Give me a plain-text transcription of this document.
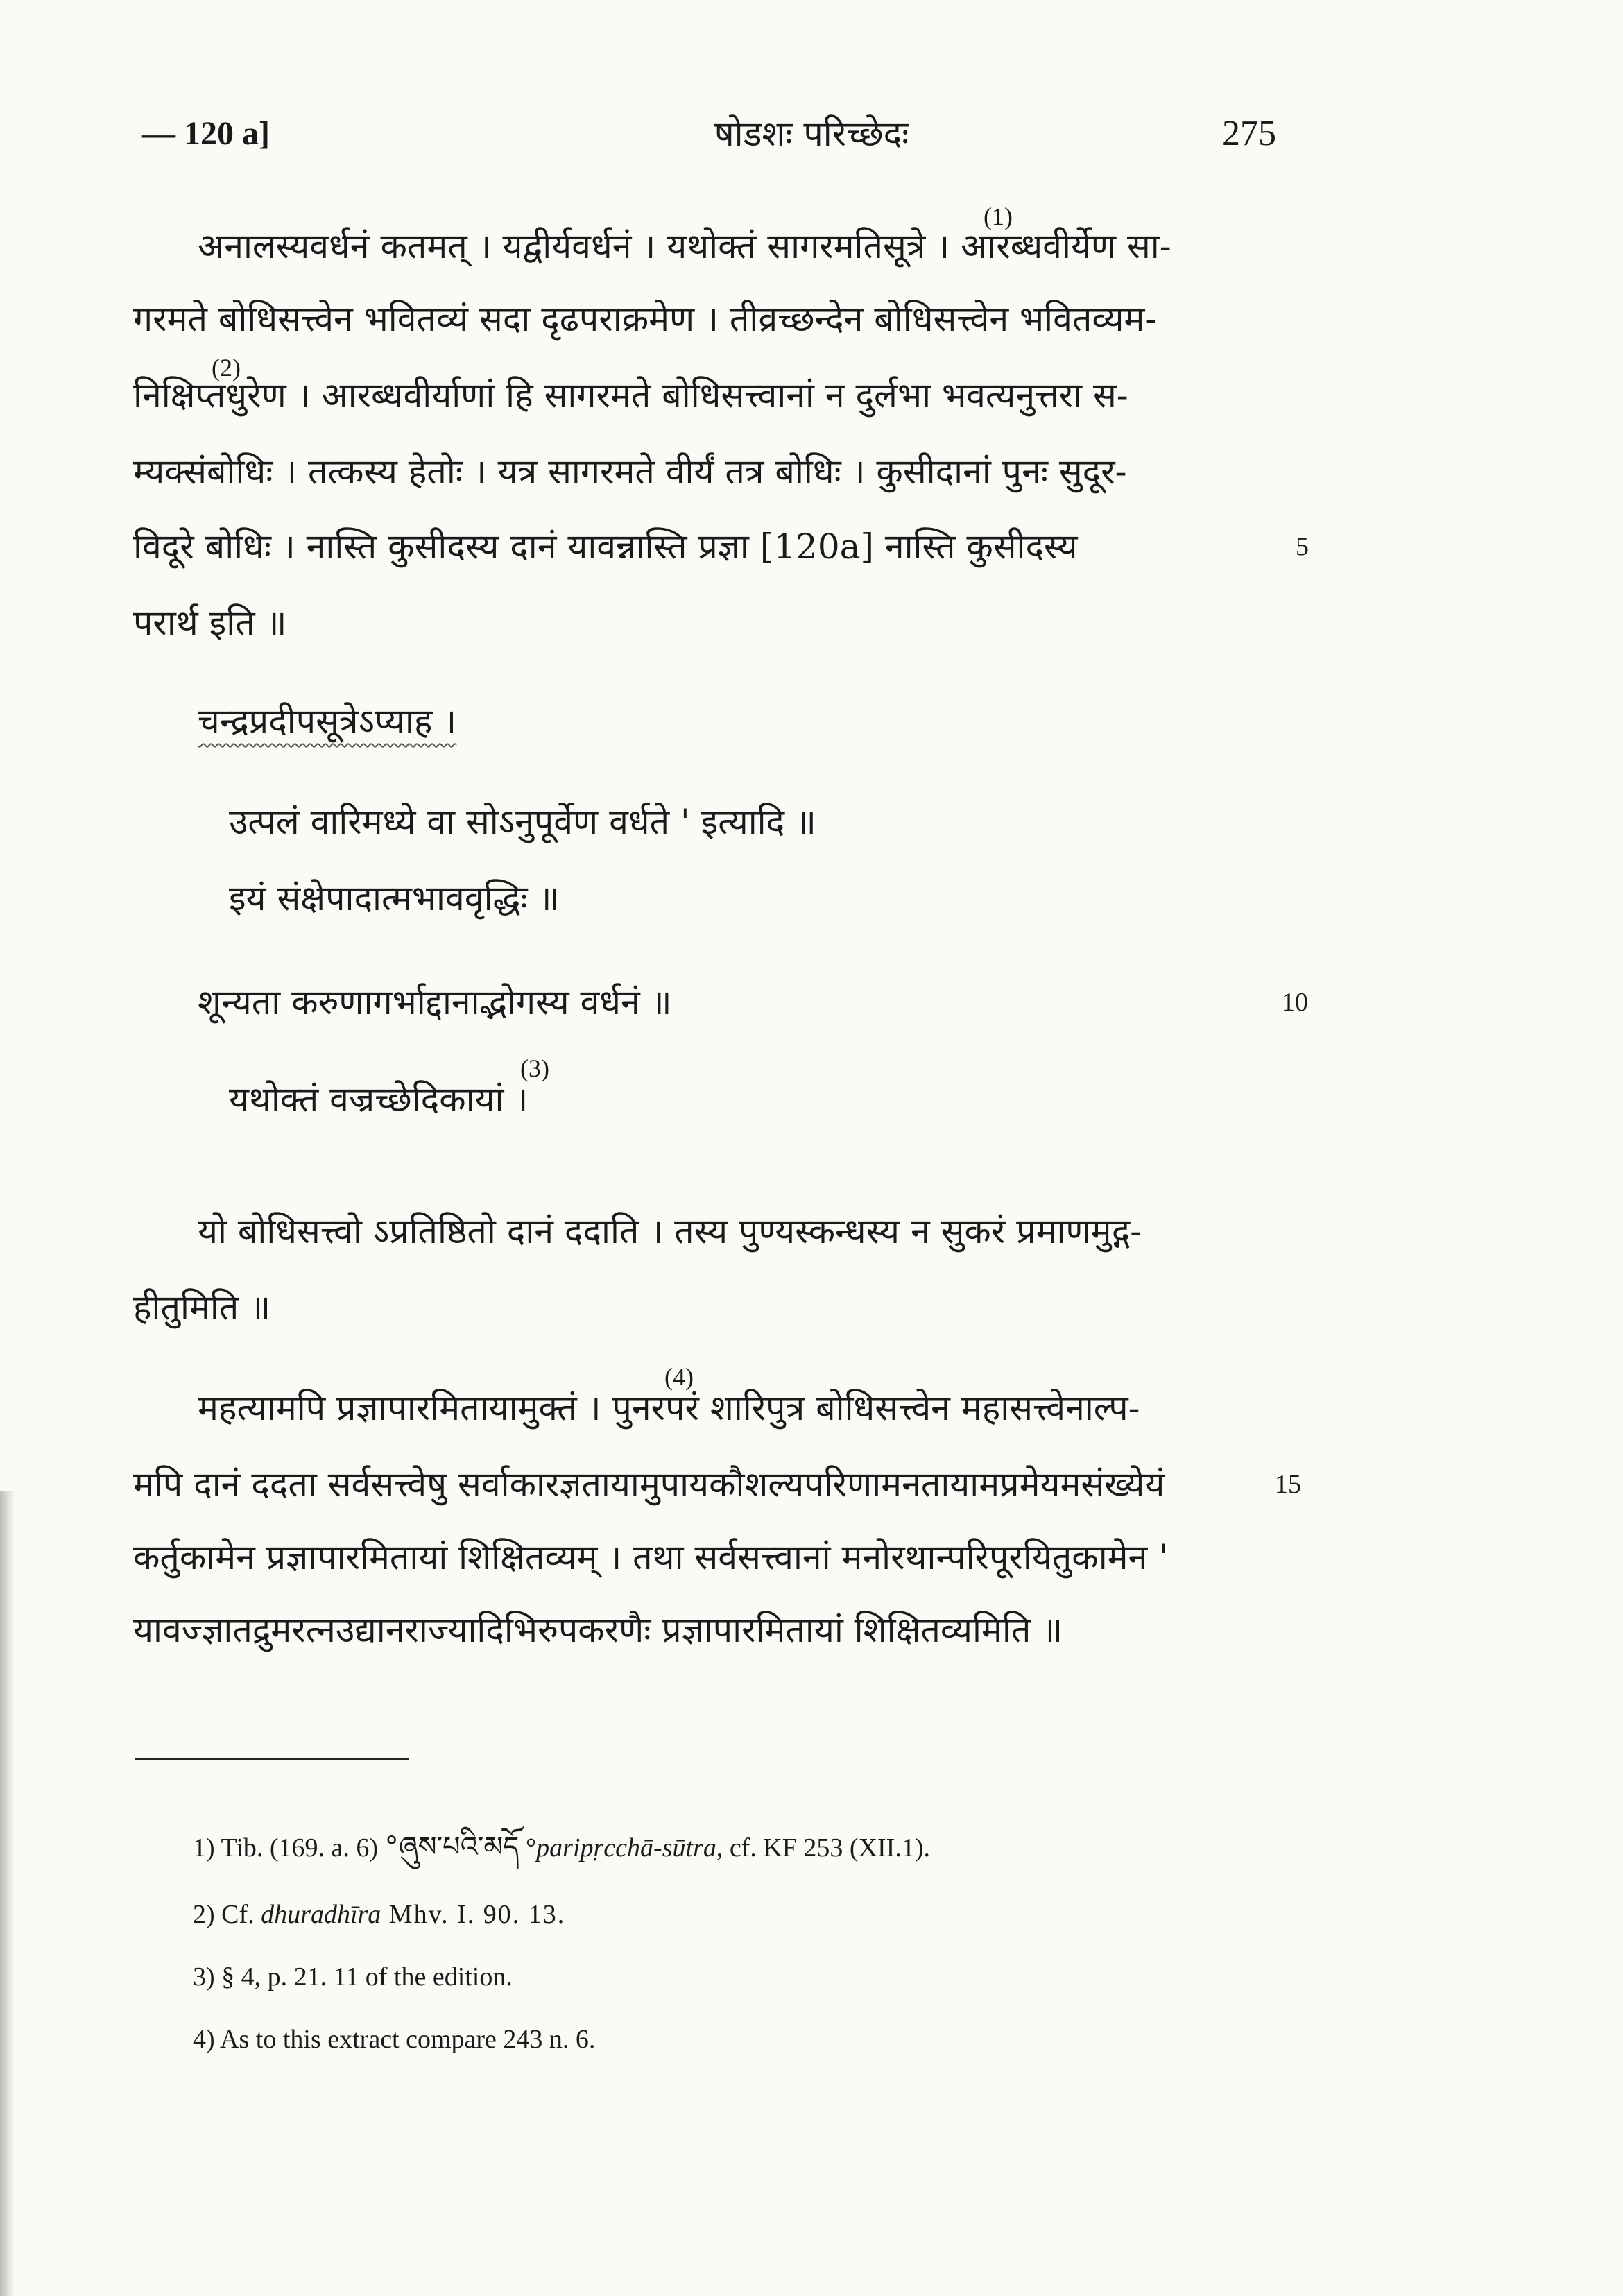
— 120 a]	षोडशः परिच्छेदः	275
अनालस्यवर्धनं कतमत् । यद्वीर्यवर्धनं । यथोक्तं सागरमतिसूत्रे । आरब्धवीर्येण सा-
(1)
गरमते बोधिसत्त्वेन भवितव्यं सदा दृढपराक्रमेण । तीव्रच्छन्देन बोधिसत्त्वेन भवितव्यम-
निक्षिप्तधुरेण । आरब्धवीर्याणां हि सागरमते बोधिसत्त्वानां न दुर्लभा भवत्यनुत्तरा स-
(2)
म्यक्संबोधिः । तत्कस्य हेतोः । यत्र सागरमते वीर्यं तत्र बोधिः । कुसीदानां पुनः सुदूर-
विदूरे बोधिः । नास्ति कुसीदस्य दानं यावन्नास्ति प्रज्ञा [120a] नास्ति कुसीदस्य	5
परार्थ इति ॥
चन्द्रप्रदीपसूत्रेऽप्याह ।
उत्पलं वारिमध्ये वा सोऽनुपूर्वेण वर्धते ' इत्यादि ॥
इयं संक्षेपादात्मभाववृद्धिः ॥
शून्यता करुणागर्भाद्दानाद्भोगस्य वर्धनं ॥	10
यथोक्तं वज्रच्छेदिकायां ।
(3)
यो बोधिसत्त्वो ऽप्रतिष्ठितो दानं ददाति । तस्य पुण्यस्कन्धस्य न सुकरं प्रमाणमुद्ग-
हीतुमिति ॥
महत्यामपि प्रज्ञापारमितायामुक्तं । पुनरपरं शारिपुत्र बोधिसत्त्वेन महासत्त्वेनाल्प-
(4)
मपि दानं ददता सर्वसत्त्वेषु सर्वाकारज्ञतायामुपायकौशल्यपरिणामनतायामप्रमेयमसंख्येयं	15
कर्तुकामेन प्रज्ञापारमितायां शिक्षितव्यम् । तथा सर्वसत्त्वानां मनोरथान्परिपूरयितुकामेन '
यावज्ज्ञातद्रुमरत्नउद्यानराज्यादिभिरुपकरणैः प्रज्ञापारमितायां शिक्षितव्यमिति ॥
1) Tib. (169. a. 6) °ཞུས་པའི་མདོ °paripṛcchā-sūtra, cf. KF 253 (XII.1).
2) Cf. dhuradhīra Mhv. I. 90. 13.
3) § 4, p. 21. 11 of the edition.
4) As to this extract compare 243 n. 6.
